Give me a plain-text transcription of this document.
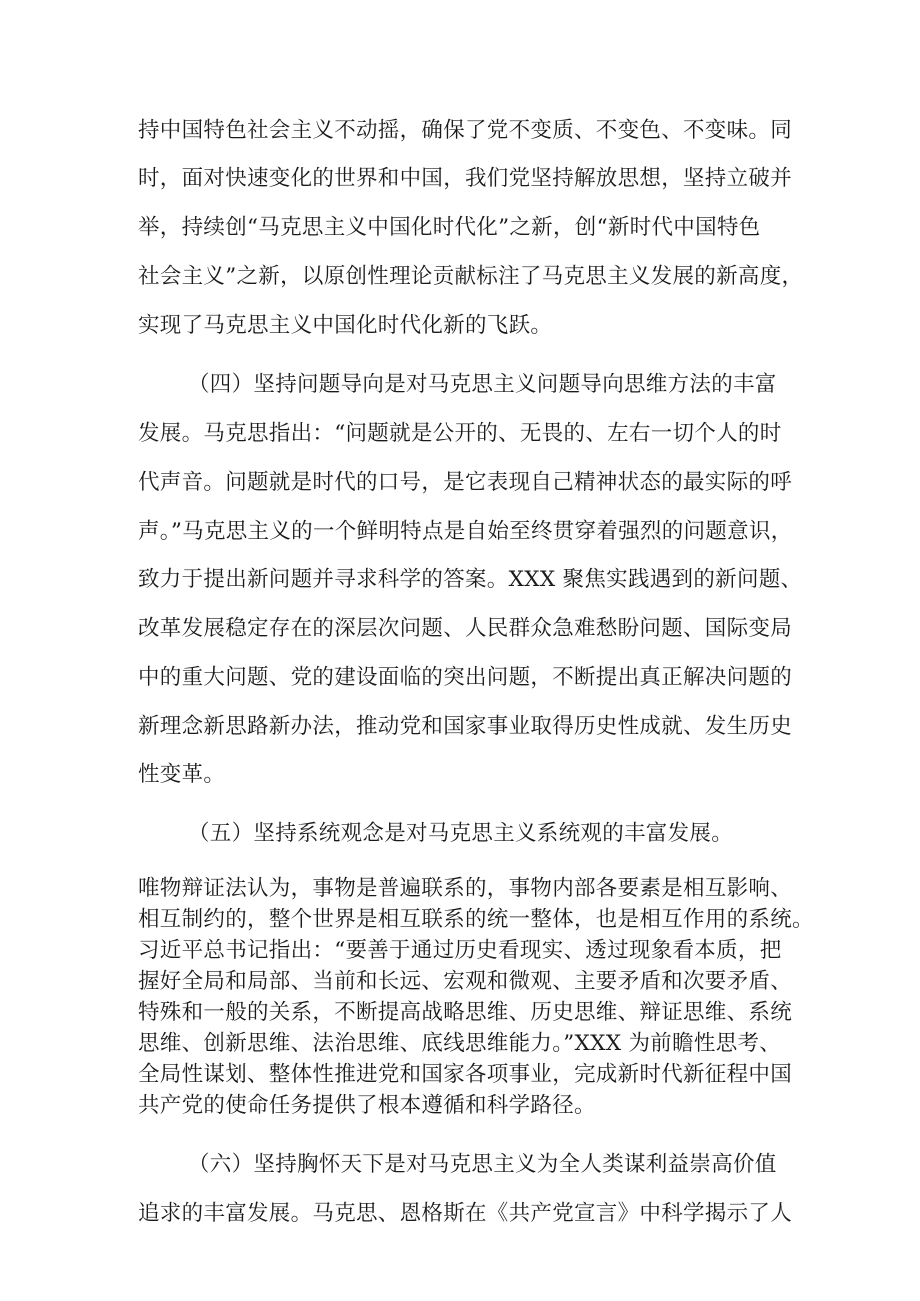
持中国特色社会主义不动摇，确保了党不变质、不变色、不变味。同
时，面对快速变化的世界和中国，我们党坚持解放思想，坚持立破并
举，持续创“马克思主义中国化时代化”之新，创“新时代中国特色
社会主义”之新，以原创性理论贡献标注了马克思主义发展的新高度，
实现了马克思主义中国化时代化新的飞跃。
（四）坚持问题导向是对马克思主义问题导向思维方法的丰富
发展。马克思指出：“问题就是公开的、无畏的、左右一切个人的时
代声音。问题就是时代的口号，是它表现自己精神状态的最实际的呼
声。”马克思主义的一个鲜明特点是自始至终贯穿着强烈的问题意识，
致力于提出新问题并寻求科学的答案。XXX 聚焦实践遇到的新问题、
改革发展稳定存在的深层次问题、人民群众急难愁盼问题、国际变局
中的重大问题、党的建设面临的突出问题，不断提出真正解决问题的
新理念新思路新办法，推动党和国家事业取得历史性成就、发生历史
性变革。
（五）坚持系统观念是对马克思主义系统观的丰富发展。
唯物辩证法认为，事物是普遍联系的，事物内部各要素是相互影响、
相互制约的，整个世界是相互联系的统一整体，也是相互作用的系统。
习近平总书记指出：“要善于通过历史看现实、透过现象看本质，把
握好全局和局部、当前和长远、宏观和微观、主要矛盾和次要矛盾、
特殊和一般的关系，不断提高战略思维、历史思维、辩证思维、系统
思维、创新思维、法治思维、底线思维能力。”XXX 为前瞻性思考、
全局性谋划、整体性推进党和国家各项事业，完成新时代新征程中国
共产党的使命任务提供了根本遵循和科学路径。
（六）坚持胸怀天下是对马克思主义为全人类谋利益崇高价值
追求的丰富发展。马克思、恩格斯在《共产党宣言》中科学揭示了人
